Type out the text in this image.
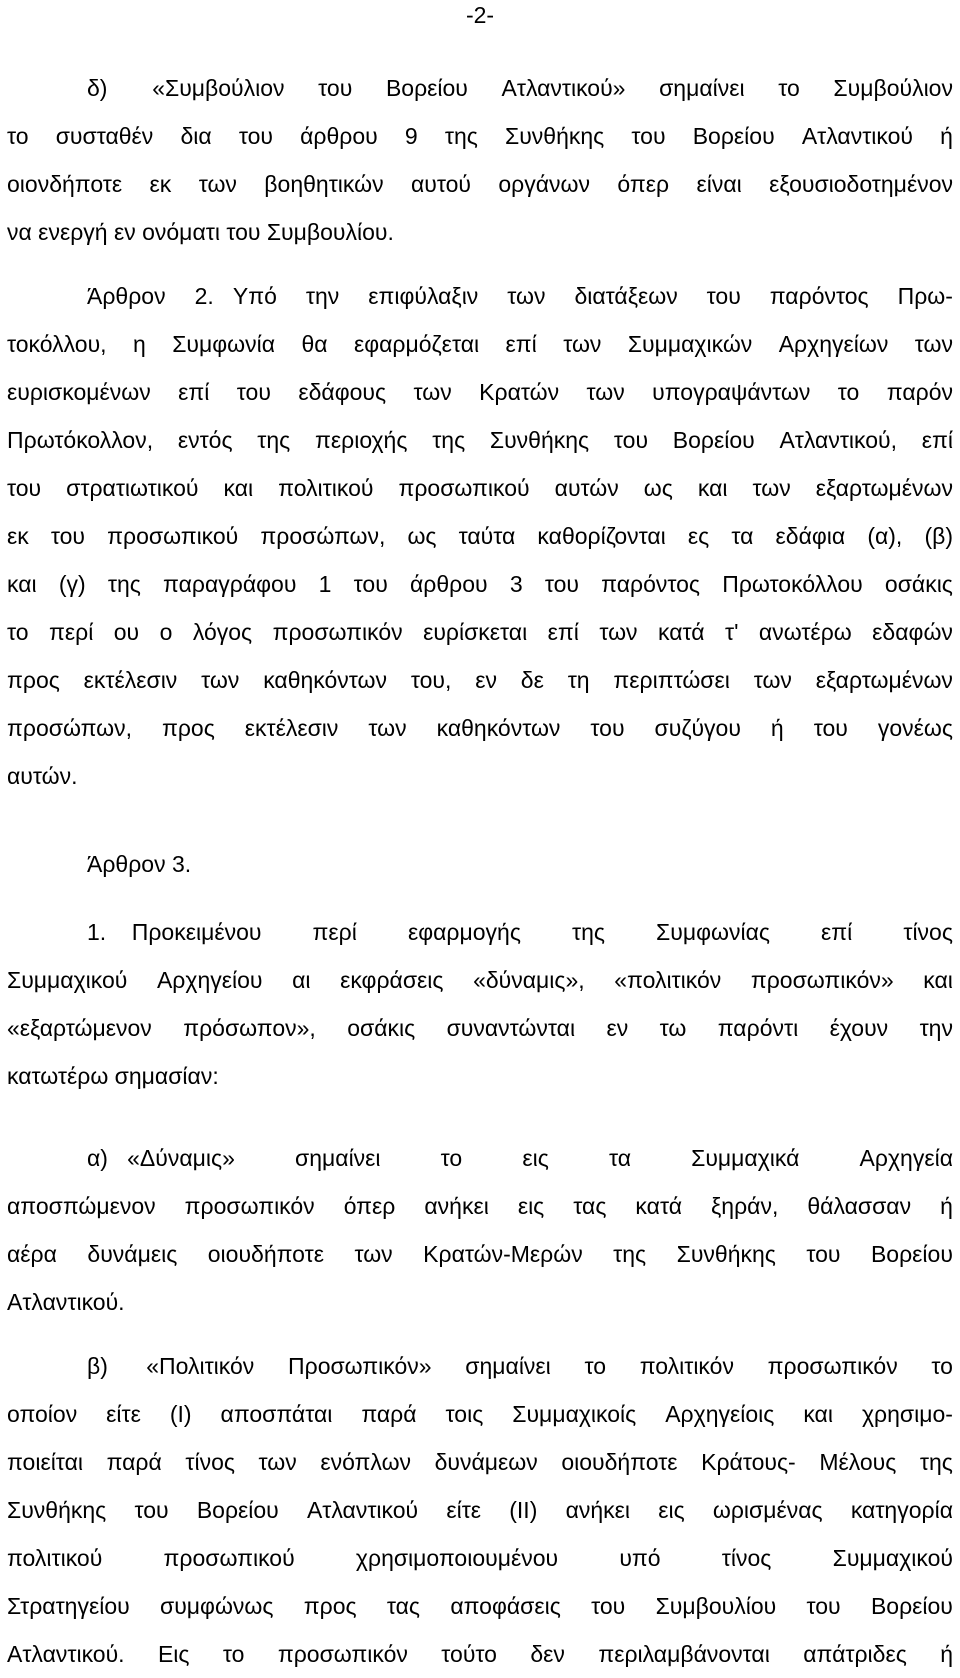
-2-
δ)       «Συμβούλιον του Βορείου Ατλαντικού» σημαίνει το Συμβούλιον
το συσταθέν δια του άρθρου 9 της Συνθήκης του Βορείου Ατλαντικού ή
οιονδήποτε εκ των βοηθητικών αυτού οργάνων όπερ είναι εξουσιοδοτημένον
να ενεργή εν ονόματι του Συμβουλίου.
Άρθρον 2.   Υπό την επιφύλαξιν των διατάξεων του παρόντος Πρω-
τοκόλλου, η Συμφωνία θα εφαρμόζεται επί των Συμμαχικών Αρχηγείων των
ευρισκομένων επί του εδάφους των Κρατών των υπογραψάντων το παρόν
Πρωτόκολλον, εντός της περιοχής της Συνθήκης του Βορείου Ατλαντικού, επί
του στρατιωτικού και πολιτικού προσωπικού αυτών ως και των εξαρτωμένων
εκ του προσωπικού προσώπων, ως ταύτα καθορίζονται ες τα εδάφια (α), (β)
και (γ) της παραγράφου 1 του άρθρου 3 του παρόντος Πρωτοκόλλου οσάκις
το περί ου ο λόγος προσωπικόν ευρίσκεται επί των κατά τ' ανωτέρω εδαφών
προς εκτέλεσιν των καθηκόντων του, εν δε τη περιπτώσει των εξαρτωμένων
προσώπων, προς εκτέλεσιν των καθηκόντων του συζύγου ή του γονέως
αυτών.
Άρθρον 3.
1.    Προκειμένου περί εφαρμογής της Συμφωνίας επί τίνος
Συμμαχικού Αρχηγείου αι εκφράσεις «δύναμις», «πολιτικόν προσωπικόν» και
«εξαρτώμενον πρόσωπον», οσάκις συναντώνται εν τω παρόντι έχουν την
κατωτέρω σημασίαν:
α)   «Δύναμις»	σημαίνει	το	εις	τα	Συμμαχικά	Αρχηγεία
αποσπώμενον προσωπικόν όπερ ανήκει εις τας κατά ξηράν, θάλασσαν ή
αέρα δυνάμεις οιουδήποτε των Κρατών-Μερών της Συνθήκης του Βορείου
Ατλαντικού.
β)      «Πολιτικόν Προσωπικόν» σημαίνει το πολιτικόν προσωπικόν το
οποίον είτε (Ι) αποσπάται παρά τοις Συμμαχικοίς Αρχηγείοις και χρησιμο-
ποιείται παρά τίνος των ενόπλων δυνάμεων οιουδήποτε Κράτους- Μέλους της
Συνθήκης του Βορείου Ατλαντικού είτε (ΙΙ) ανήκει εις ωρισμένας κατηγορία
πολιτικού	προσωπικού	χρησιμοποιουμένου	υπό	τίνος	Συμμαχικού
Στρατηγείου συμφώνως προς τας αποφάσεις του Συμβουλίου του Βορείου
Ατλαντικού. Εις το προσωπικόν τούτο δεν περιλαμβάνονται απάτριδες ή
